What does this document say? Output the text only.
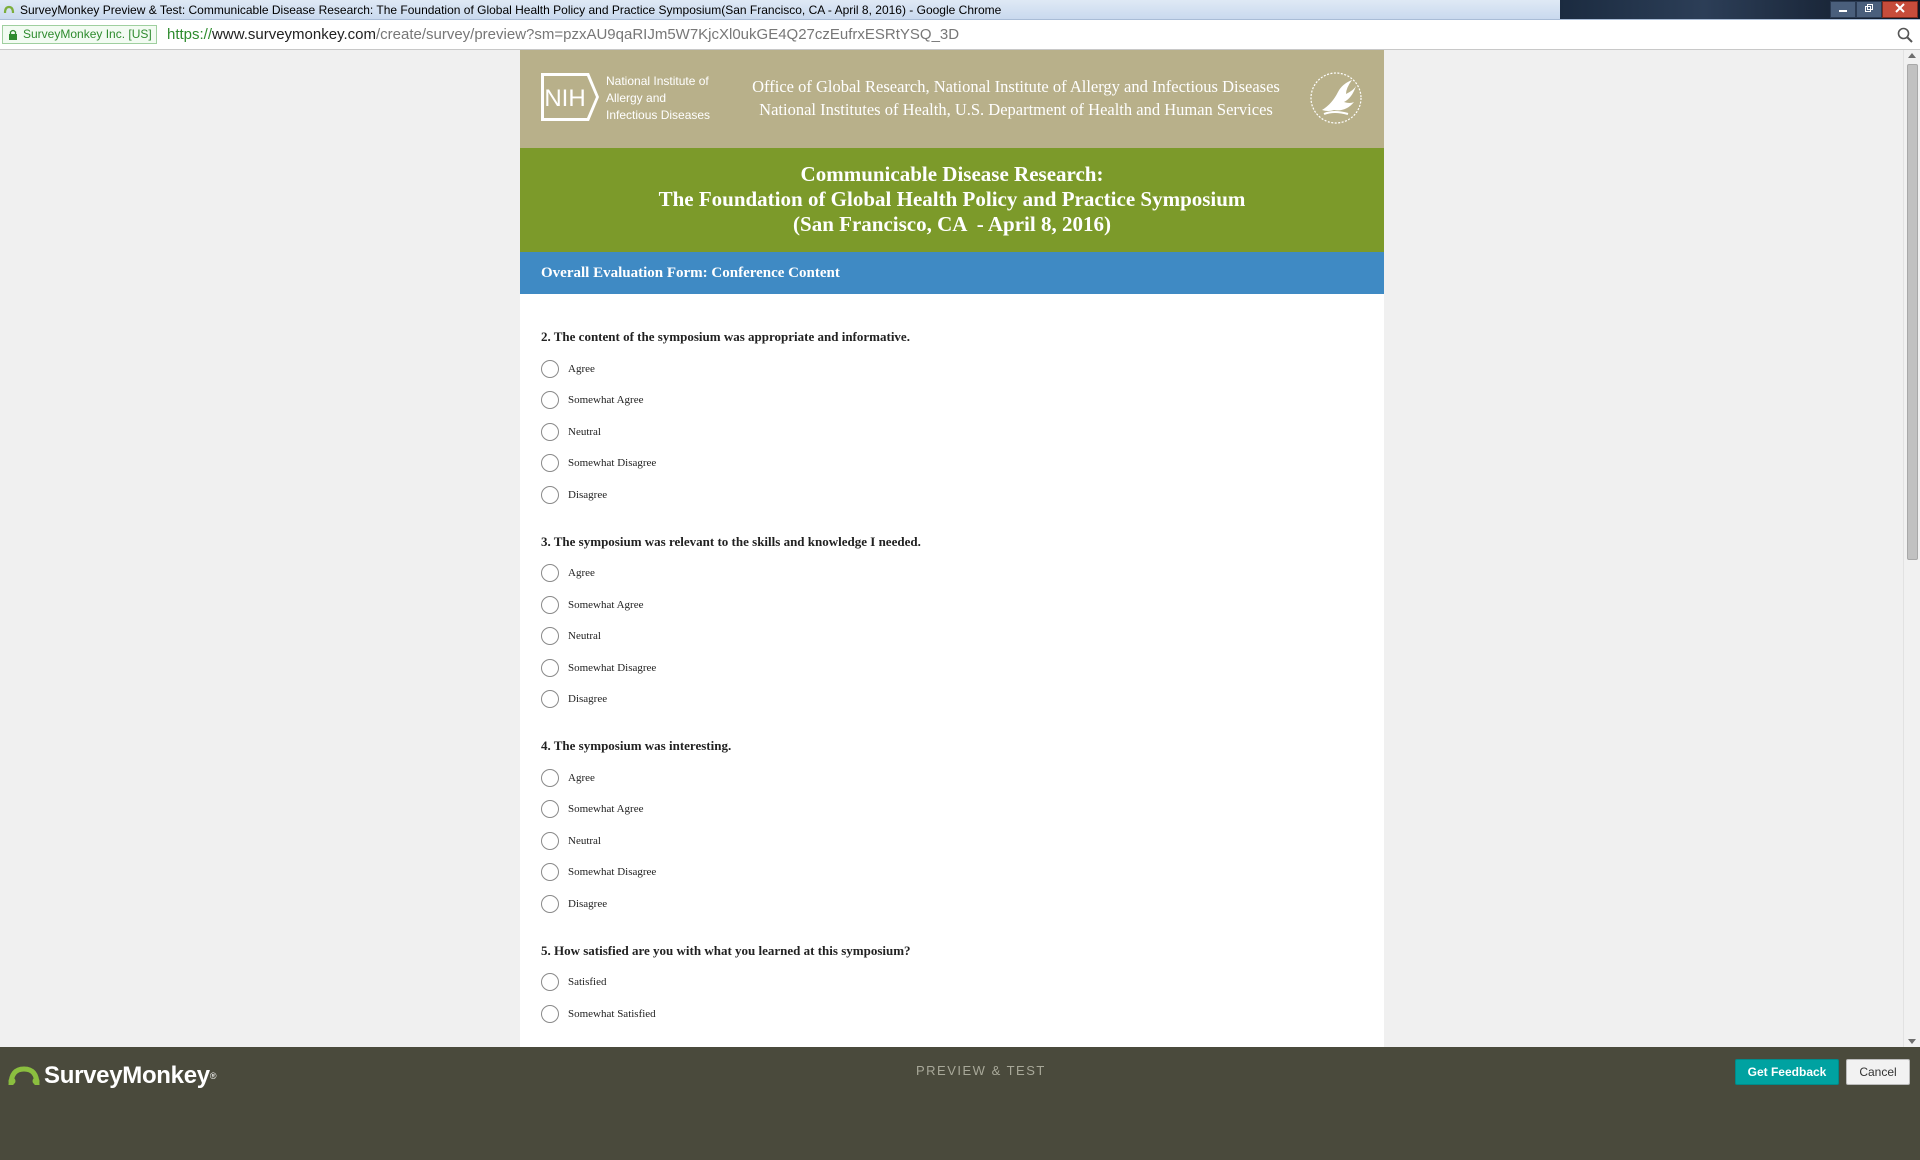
SurveyMonkey Preview & Test: Communicable Disease Research: The Foundation of Global Health Policy and Practice Symposium(San Francisco, CA - April 8, 2016) - Google Chrome
SurveyMonkey Inc. [US]	https://www.surveymonkey.com/create/survey/preview?sm=pzxAU9qaRIJm5W7KjcXl0ukGE4Q27czEufrxESRtYSQ_3D
NIH
National Institute of
Allergy and
Infectious Diseases
Office of Global Research, National Institute of Allergy and Infectious Diseases
National Institutes of Health, U.S. Department of Health and Human Services
Communicable Disease Research:
The Foundation of Global Health Policy and Practice Symposium
(San Francisco, CA  - April 8, 2016)
Overall Evaluation Form: Conference Content
2. The content of the symposium was appropriate and informative.
Agree
Somewhat Agree
Neutral
Somewhat Disagree
Disagree
3. The symposium was relevant to the skills and knowledge I needed.
Agree
Somewhat Agree
Neutral
Somewhat Disagree
Disagree
4. The symposium was interesting.
Agree
Somewhat Agree
Neutral
Somewhat Disagree
Disagree
5. How satisfied are you with what you learned at this symposium?
Satisfied
Somewhat Satisfied
SurveyMonkey ®	PREVIEW & TEST	Get Feedback	Cancel
